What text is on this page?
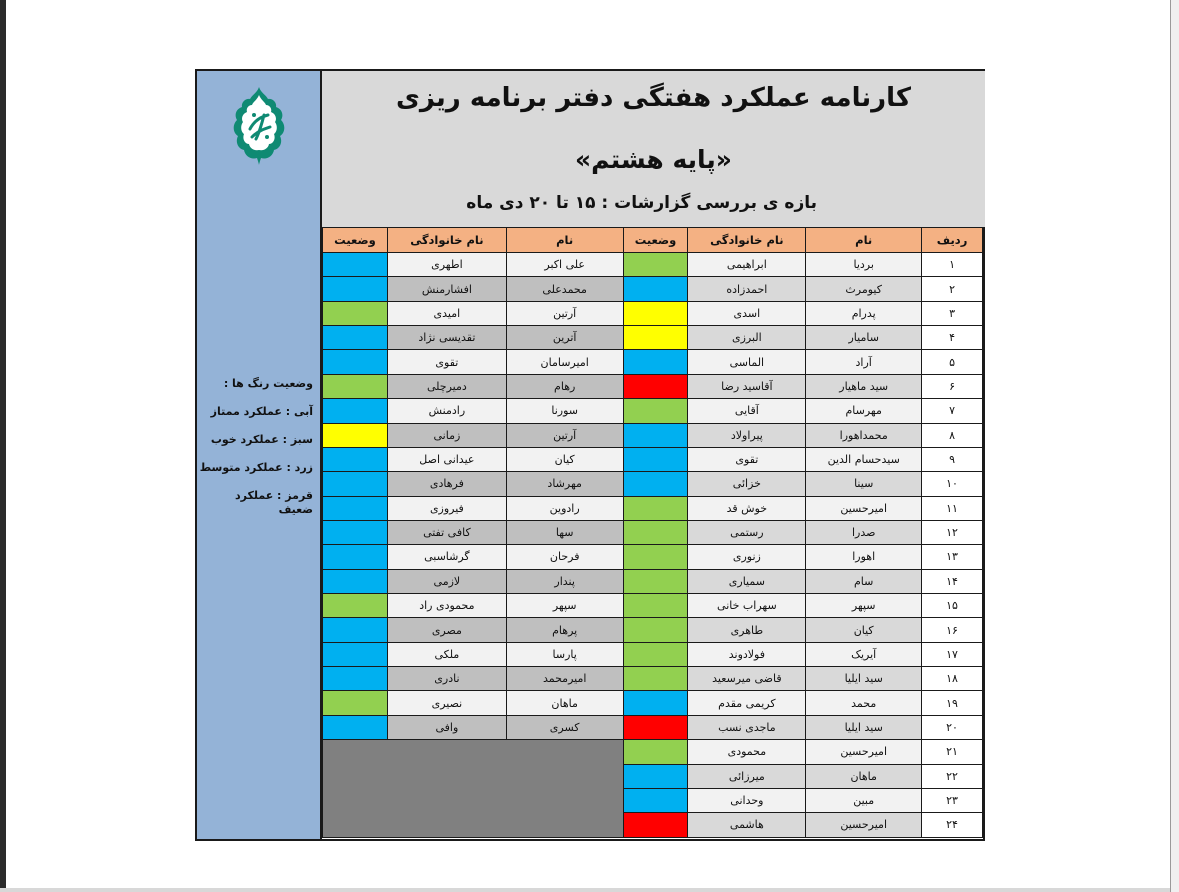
وضعیت رنگ ها :
آبی : عملکرد ممتاز
سبز : عملکرد خوب
زرد : عملکرد متوسط
قرمز : عملکرد ضعیف
کارنامه عملکرد هفتگی دفتر برنامه ریزی
«پایه هشتم»
بازه ی بررسی گزارشات : ۱۵ تا ۲۰ دی ماه
ردیف	نام	نام خانوادگی	وضعیت	نام	نام خانوادگی	وضعیت
۱	بردیا	ابراهیمی		علی اکبر	اطهری	
۲	کیومرث	احمدزاده		محمدعلی	افشارمنش	
۳	پدرام	اسدی		آرتین	امیدی	
۴	سامیار	البرزی		آترین	تقدیسی نژاد	
۵	آراد	الماسی		امیرسامان	تقوی	
۶	سید ماهیار	آقاسید رضا		رهام	دمیرچلی	
۷	مهرسام	آقایی		سورنا	رادمنش	
۸	محمداهورا	پیراولاد		آرتین	زمانی	
۹	سیدحسام الدین	تقوی		کیان	عیدانی اصل	
۱۰	سینا	خزائی		مهرشاد	فرهادی	
۱۱	امیرحسین	خوش قد		رادوین	فیروزی	
۱۲	صدرا	رستمی		سها	کافی تفتی	
۱۳	اهورا	زنوری		فرحان	گرشاسبی	
۱۴	سام	سمیاری		پندار	لازمی	
۱۵	سپهر	سهراب خانی		سپهر	محمودی راد	
۱۶	کیان	طاهری		پرهام	مصری	
۱۷	آیریک	فولادوند		پارسا	ملکی	
۱۸	سید ایلیا	قاضی میرسعید		امیرمحمد	نادری	
۱۹	محمد	کریمی مقدم		ماهان	نصیری	
۲۰	سید ایلیا	ماجدی نسب		کسری	وافی	
۲۱	امیرحسین	محمودی				
۲۲	ماهان	میرزائی				
۲۳	مبین	وحدانی				
۲۴	امیرحسین	هاشمی				
